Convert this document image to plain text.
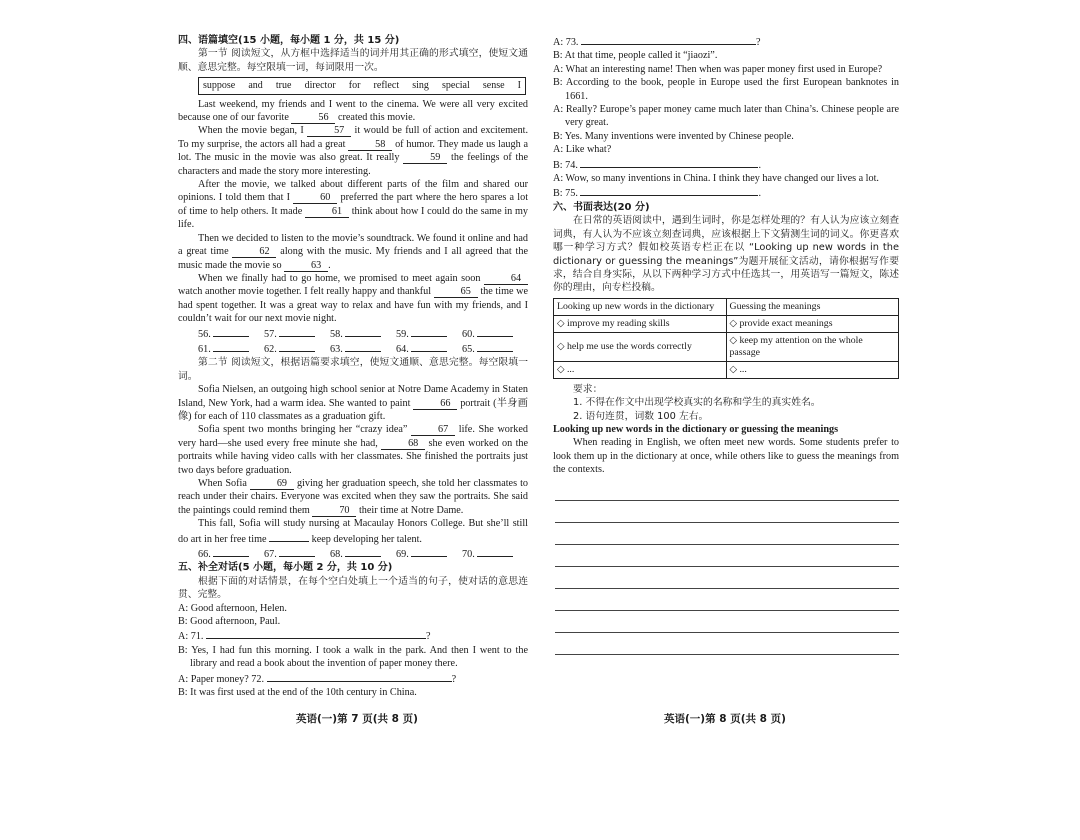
四、语篇填空(15 小题，每小题 1 分，共 15 分)

第一节 阅读短文，从方框中选择适当的词并用其正确的形式填空，使短文通顺、意思完整。每空限填一词，每词限用一次。

suppose and true director for reflect sing special sense I

Last weekend, my friends and I went to the cinema. We were all very excited because one of our favorite	56 created this movie.

When the movie began, I	57 it would be full of action and excitement. To my surprise, the actors all had a great	58 of humor. They made us laugh a lot. The music in the movie was also great. It really	59 the feelings of the characters and made the story more interesting.

After the movie, we talked about different parts of the film and shared our opinions. I told them that I	60 preferred the part where the hero spares a lot of time to help others. It made	61 think about how I could do the same in my life.

Then we decided to listen to the movie’s soundtrack. We found it online and had a great time	62 along with the music. My friends and I all agreed that the music made the movie so	63 .

When we finally had to go home, we promised to meet again soon	64 watch another movie together. I felt really happy and thankful	65 the time we had spent together. It was a great way to relax and have fun with my friends, and I couldn’t wait for our next movie night.

56.	57.	58.	59.	60.
61.	62.	63.	64.	65.

第二节 阅读短文，根据语篇要求填空，使短文通顺、意思完整。每空限填一词。

Sofia Nielsen, an outgoing high school senior at Notre Dame Academy in Staten Island, New York, had a warm idea. She wanted to paint	66 portrait (半身画像) for each of 110 classmates as a graduation gift.

Sofia spent two months bringing her “crazy idea”	67 life. She worked very hard—she used every free minute she had,	68 she even worked on the portraits while having video calls with her classmates. She finished the portraits just two days before graduation.

When Sofia	69 giving her graduation speech, she told her classmates to reach under their chairs. Everyone was excited when they saw the portraits. She said the paintings could remind them	70 their time at Notre Dame.

This fall, Sofia will study nursing at Macaulay Honors College. But she’ll still do art in her free time	keep developing her talent.

66.	67.	68.	69.	70.

五、补全对话(5 小题，每小题 2 分，共 10 分)

根据下面的对话情景，在每个空白处填上一个适当的句子，使对话的意思连贯、完整。

A: Good afternoon, Helen.

B: Good afternoon, Paul.

A: 71.	?

B: Yes, I had fun this morning. I took a walk in the park. And then I went to the library and read a book about the invention of paper money there.

A: Paper money? 72.	?

B: It was first used at the end of the 10th century in China.

英语(一)第 7 页(共 8 页)

A: 73.	?

B: At that time, people called it “jiaozi”.

A: What an interesting name! Then when was paper money first used in Europe?

B: According to the book, people in Europe used the first European banknotes in 1661.

A: Really? Europe’s paper money came much later than China’s. Chinese people are very great.

B: Yes. Many inventions were invented by Chinese people.

A: Like what?

B: 74.	.

A: Wow, so many inventions in China. I think they have changed our lives a lot.

B: 75.	.

六、书面表达(20 分)

在日常的英语阅读中，遇到生词时，你是怎样处理的？有人认为应该立刻查词典，有人认为不应该立刻查词典，应该根据上下文猜测生词的词义。你更喜欢哪一种学习方式？假如校英语专栏正在以 “Looking up new words in the dictionary or guessing the meanings”为题开展征文活动，请你根据写作要求，结合自身实际，从以下两种学习方式中任选其一，用英语写一篇短文，陈述你的理由，向专栏投稿。

Looking up new words in the dictionary	Guessing the meanings
◇ improve my reading skills	◇ provide exact meanings
◇ help me use the words correctly	◇ keep my attention on the whole passage
◇ ...	◇ ...

要求：

1. 不得在作文中出现学校真实的名称和学生的真实姓名。

2. 语句连贯，词数 100 左右。

Looking up new words in the dictionary or guessing the meanings

When reading in English, we often meet new words. Some students prefer to look them up in the dictionary at once, while others like to guess the meanings from the contexts.

英语(一)第 8 页(共 8 页)
